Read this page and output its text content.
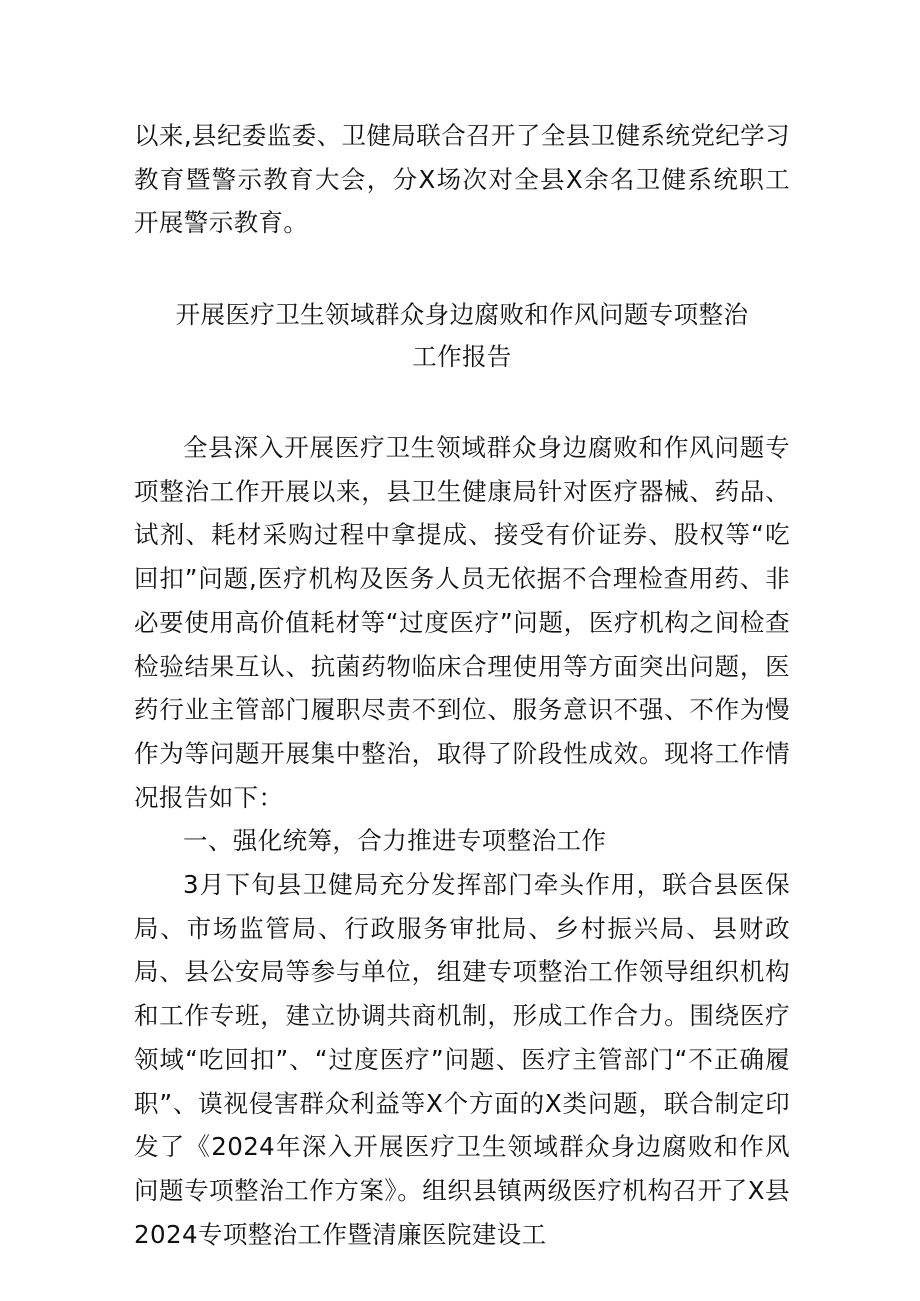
以来,县纪委监委、卫健局联合召开了全县卫健系统党纪学习教育暨警示教育大会，分X场次对全县X余名卫健系统职工开展警示教育。

开展医疗卫生领域群众身边腐败和作风问题专项整治
工作报告

全县深入开展医疗卫生领域群众身边腐败和作风问题专项整治工作开展以来，县卫生健康局针对医疗器械、药品、试剂、耗材采购过程中拿提成、接受有价证券、股权等“吃回扣”问题,医疗机构及医务人员无依据不合理检查用药、非必要使用高价值耗材等“过度医疗”问题，医疗机构之间检查检验结果互认、抗菌药物临床合理使用等方面突出问题，医药行业主管部门履职尽责不到位、服务意识不强、不作为慢作为等问题开展集中整治，取得了阶段性成效。现将工作情况报告如下：

一、强化统筹，合力推进专项整治工作

3月下旬县卫健局充分发挥部门牵头作用，联合县医保局、市场监管局、行政服务审批局、乡村振兴局、县财政局、县公安局等参与单位，组建专项整治工作领导组织机构和工作专班，建立协调共商机制，形成工作合力。围绕医疗领域“吃回扣”、“过度医疗”问题、医疗主管部门“不正确履职”、谟视侵害群众利益等X个方面的X类问题，联合制定印发了《2024年深入开展医疗卫生领域群众身边腐败和作风问题专项整治工作方案》。组织县镇两级医疗机构召开了X县2024专项整治工作暨清廉医院建设工
